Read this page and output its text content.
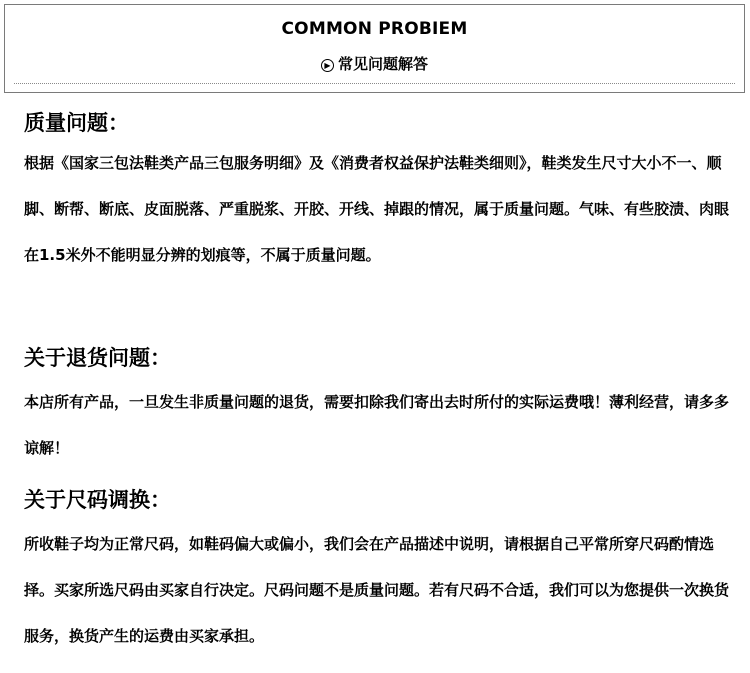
COMMON PROBIEM
▶ 常见问题解答
质量问题：

根据《国家三包法鞋类产品三包服务明细》及《消费者权益保护法鞋类细则》，鞋类发生尺寸大小不一、顺脚、断帮、断底、皮面脱落、严重脱浆、开胶、开线、掉跟的情况，属于质量问题。气味、有些胶渍、肉眼在1.5米外不能明显分辨的划痕等，不属于质量问题。

关于退货问题：

本店所有产品，一旦发生非质量问题的退货，需要扣除我们寄出去时所付的实际运费哦！薄利经营，请多多谅解！

关于尺码调换：

所收鞋子均为正常尺码，如鞋码偏大或偏小，我们会在产品描述中说明，请根据自己平常所穿尺码酌情选择。买家所选尺码由买家自行决定。尺码问题不是质量问题。若有尺码不合适，我们可以为您提供一次换货服务，换货产生的运费由买家承担。
